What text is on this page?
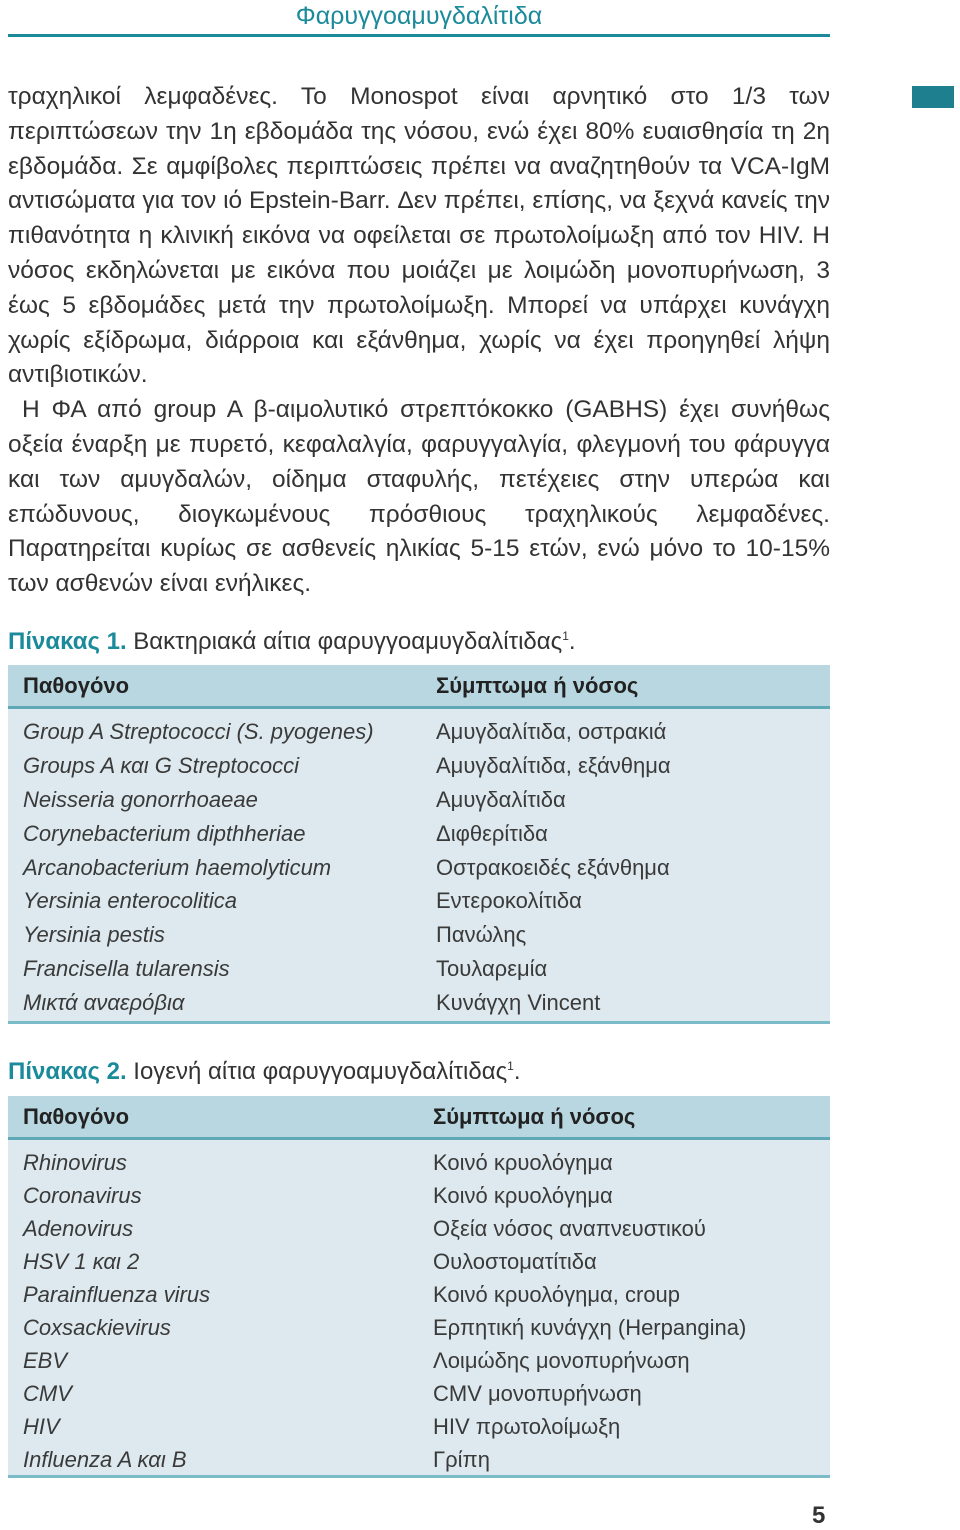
Φαρυγγοαμυγδαλίτιδα

τραχηλικοί λεμφαδένες. Το Monospot είναι αρνητικό στο 1/3 των περιπτώσεων την 1η εβδομάδα της νόσου, ενώ έχει 80% ευαισθησία τη 2η εβδομάδα. Σε αμφίβολες περιπτώσεις πρέπει να αναζητηθούν τα VCA-IgM αντισώματα για τον ιό Epstein-Barr. Δεν πρέπει, επίσης, να ξεχνά κανείς την πιθανότητα η κλινική εικόνα να οφείλεται σε πρωτολοίμωξη από τον HIV. Η νόσος εκδηλώνεται με εικόνα που μοιάζει με λοιμώδη μονοπυρήνωση, 3 έως 5 εβδομάδες μετά την πρωτολοίμωξη. Μπορεί να υπάρχει κυνάγχη χωρίς εξίδρωμα, διάρροια και εξάνθημα, χωρίς να έχει προηγηθεί λήψη αντιβιοτικών.

Η ΦΑ από group A β-αιμολυτικό στρεπτόκοκκο (GABHS) έχει συνήθως οξεία έναρξη με πυρετό, κεφαλαλγία, φαρυγγαλγία, φλεγμονή του φάρυγγα και των αμυγδαλών, οίδημα σταφυλής, πετέχειες στην υπερώα και επώδυνους, διογκωμένους πρόσθιους τραχηλικούς λεμφαδένες. Παρατηρείται κυρίως σε ασθενείς ηλικίας 5-15 ετών, ενώ μόνο το 10-15% των ασθενών είναι ενήλικες.

Πίνακας 1. Βακτηριακά αίτια φαρυγγοαμυγδαλίτιδας$^1$.
Παθογόνο	Σύμπτωμα ή νόσος
Group A Streptococci (S. pyogenes)	Αμυγδαλίτιδα, οστρακιά
Groups A και G Streptococci	Αμυγδαλίτιδα, εξάνθημα
Neisseria gonorrhoaeae	Αμυγδαλίτιδα
Corynebacterium dipthheriae	Διφθερίτιδα
Arcanobacterium haemolyticum	Οστρακοειδές εξάνθημα
Yersinia enterocolitica	Εντεροκολίτιδα
Yersinia pestis	Πανώλης
Francisella tularensis	Τουλαρεμία
Μικτά αναερόβια	Κυνάγχη Vincent
Πίνακας 2. Ιογενή αίτια φαρυγγοαμυγδαλίτιδας$^1$.
Παθογόνο	Σύμπτωμα ή νόσος
Rhinovirus	Κοινό κρυολόγημα
Coronavirus	Κοινό κρυολόγημα
Adenovirus	Οξεία νόσος αναπνευστικού
HSV 1 και 2	Ουλοστοματίτιδα
Parainfluenza virus	Κοινό κρυολόγημα, croup
Coxsackievirus	Ερπητική κυνάγχη (Herpangina)
EBV	Λοιμώδης μονοπυρήνωση
CMV	CMV μονοπυρήνωση
HIV	HIV πρωτολοίμωξη
Influenza A και B	Γρίπη
5
